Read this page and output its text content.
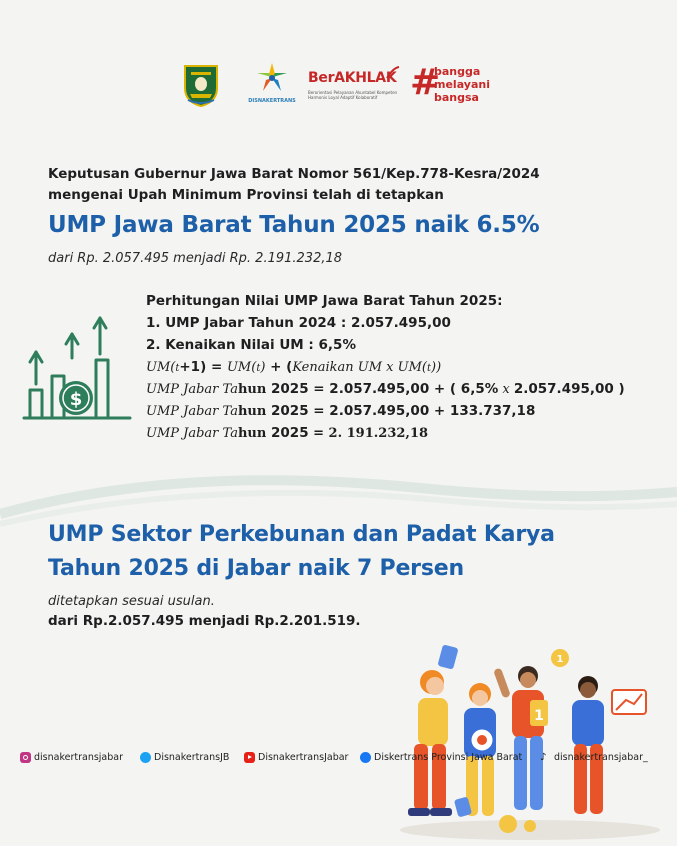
DISNAKERTRANS
BerAKHLAK
Berorientasi Pelayanan Akuntabel Kompeten Harmonis Loyal Adaptif Kolaboratif #
bangga
melayani
bangsa
Keputusan Gubernur Jawa Barat Nomor 561/Kep.778-Kesra/2024
mengenai Upah Minimum Provinsi telah di tetapkan
UMP Jawa Barat Tahun 2025 naik 6.5%
dari Rp. 2.057.495 menjadi Rp. 2.191.232,18
$
Perhitungan Nilai UMP Jawa Barat Tahun 2025:
1. UMP Jabar Tahun 2024 : 2.057.495,00
2. Kenaikan Nilai UM : 6,5%
UM(t+1) = UM(t) + (Kenaikan UM x UM(t))
UMP Jabar Tahun 2025 = 2.057.495,00 + ( 6,5% x 2.057.495,00 )
UMP Jabar Tahun 2025 = 2.057.495,00 + 133.737,18
UMP Jabar Tahun 2025 = 2. 191.232,18
UMP Sektor Perkebunan dan Padat Karya
Tahun 2025 di Jabar naik 7 Persen
ditetapkan sesuai usulan.
dari Rp.2.057.495 menjadi Rp.2.201.519.
1
1
disnakertransjabar	DisnakertransJB	DisnakertransJabar	Diskertrans Provinsi Jawa Barat ♪ disnakertransjabar_
